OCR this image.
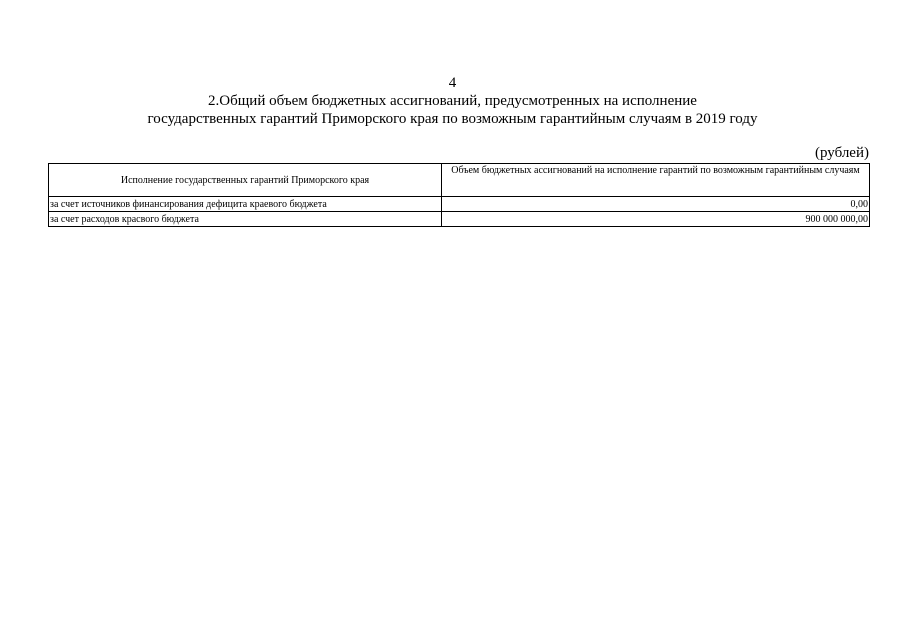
4
2.Общий объем бюджетных ассигнований, предусмотренных на исполнение
государственных гарантий Приморского края по возможным гарантийным случаям в 2019 году
(рублей)
Исполнение государственных гарантий Приморского края	Объем бюджетных ассигнований на исполнение гарантий по возможным гарантийным случаям
за счет источников финансирования дефицита краевого бюджета	0,00
за счет расходов красвого бюджета	900 000 000,00
